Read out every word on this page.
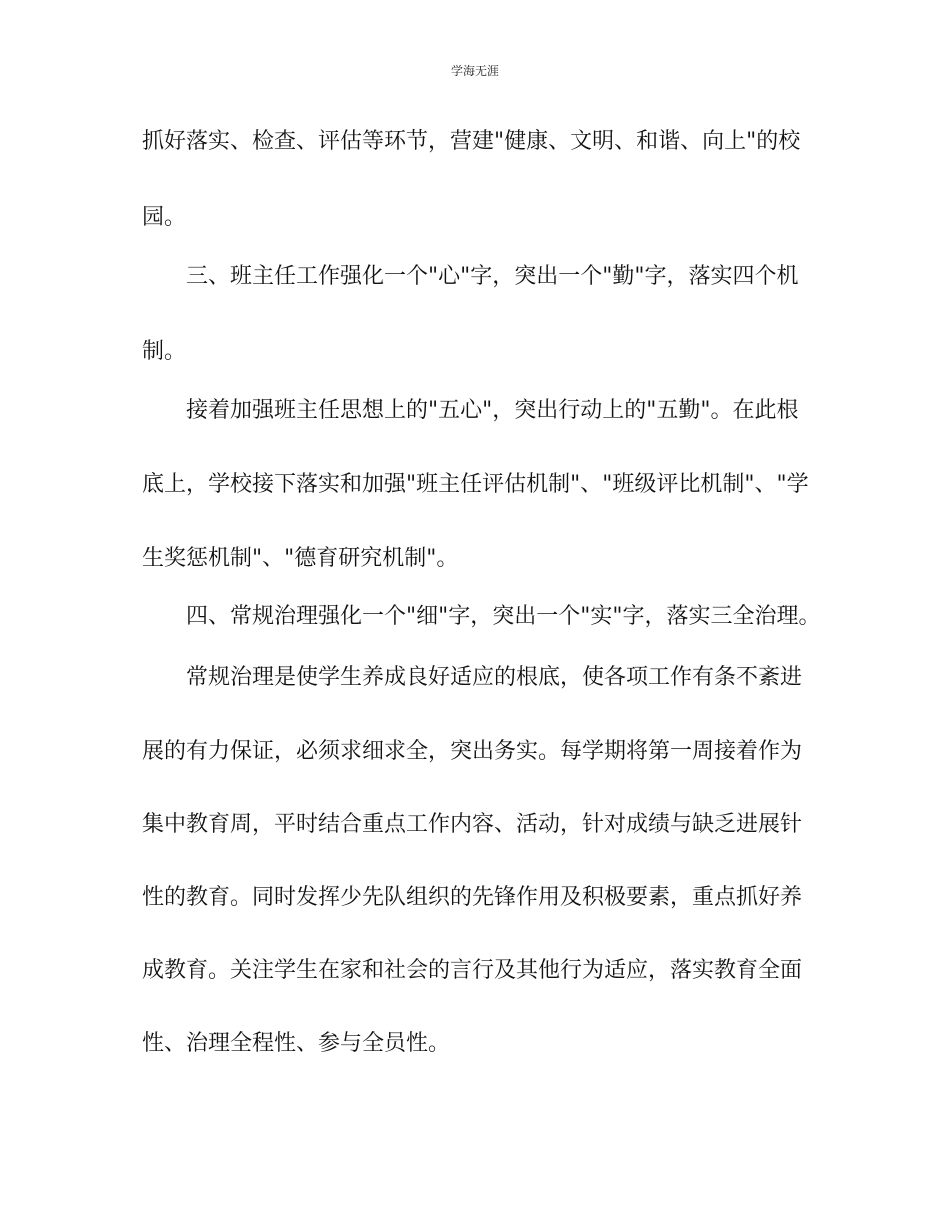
学海无涯
抓好落实、检查、评估等环节，营建"健康、文明、和谐、向上"的校
园。
三、班主任工作强化一个"心"字，突出一个"勤"字，落实四个机
制。
接着加强班主任思想上的"五心"，突出行动上的"五勤"。在此根
底上，学校接下落实和加强"班主任评估机制"、"班级评比机制"、"学
生奖惩机制"、"德育研究机制"。
四、常规治理强化一个"细"字，突出一个"实"字，落实三全治理。
常规治理是使学生养成良好适应的根底，使各项工作有条不紊进
展的有力保证，必须求细求全，突出务实。每学期将第一周接着作为
集中教育周，平时结合重点工作内容、活动，针对成绩与缺乏进展针
性的教育。同时发挥少先队组织的先锋作用及积极要素，重点抓好养
成教育。关注学生在家和社会的言行及其他行为适应，落实教育全面
性、治理全程性、参与全员性。
